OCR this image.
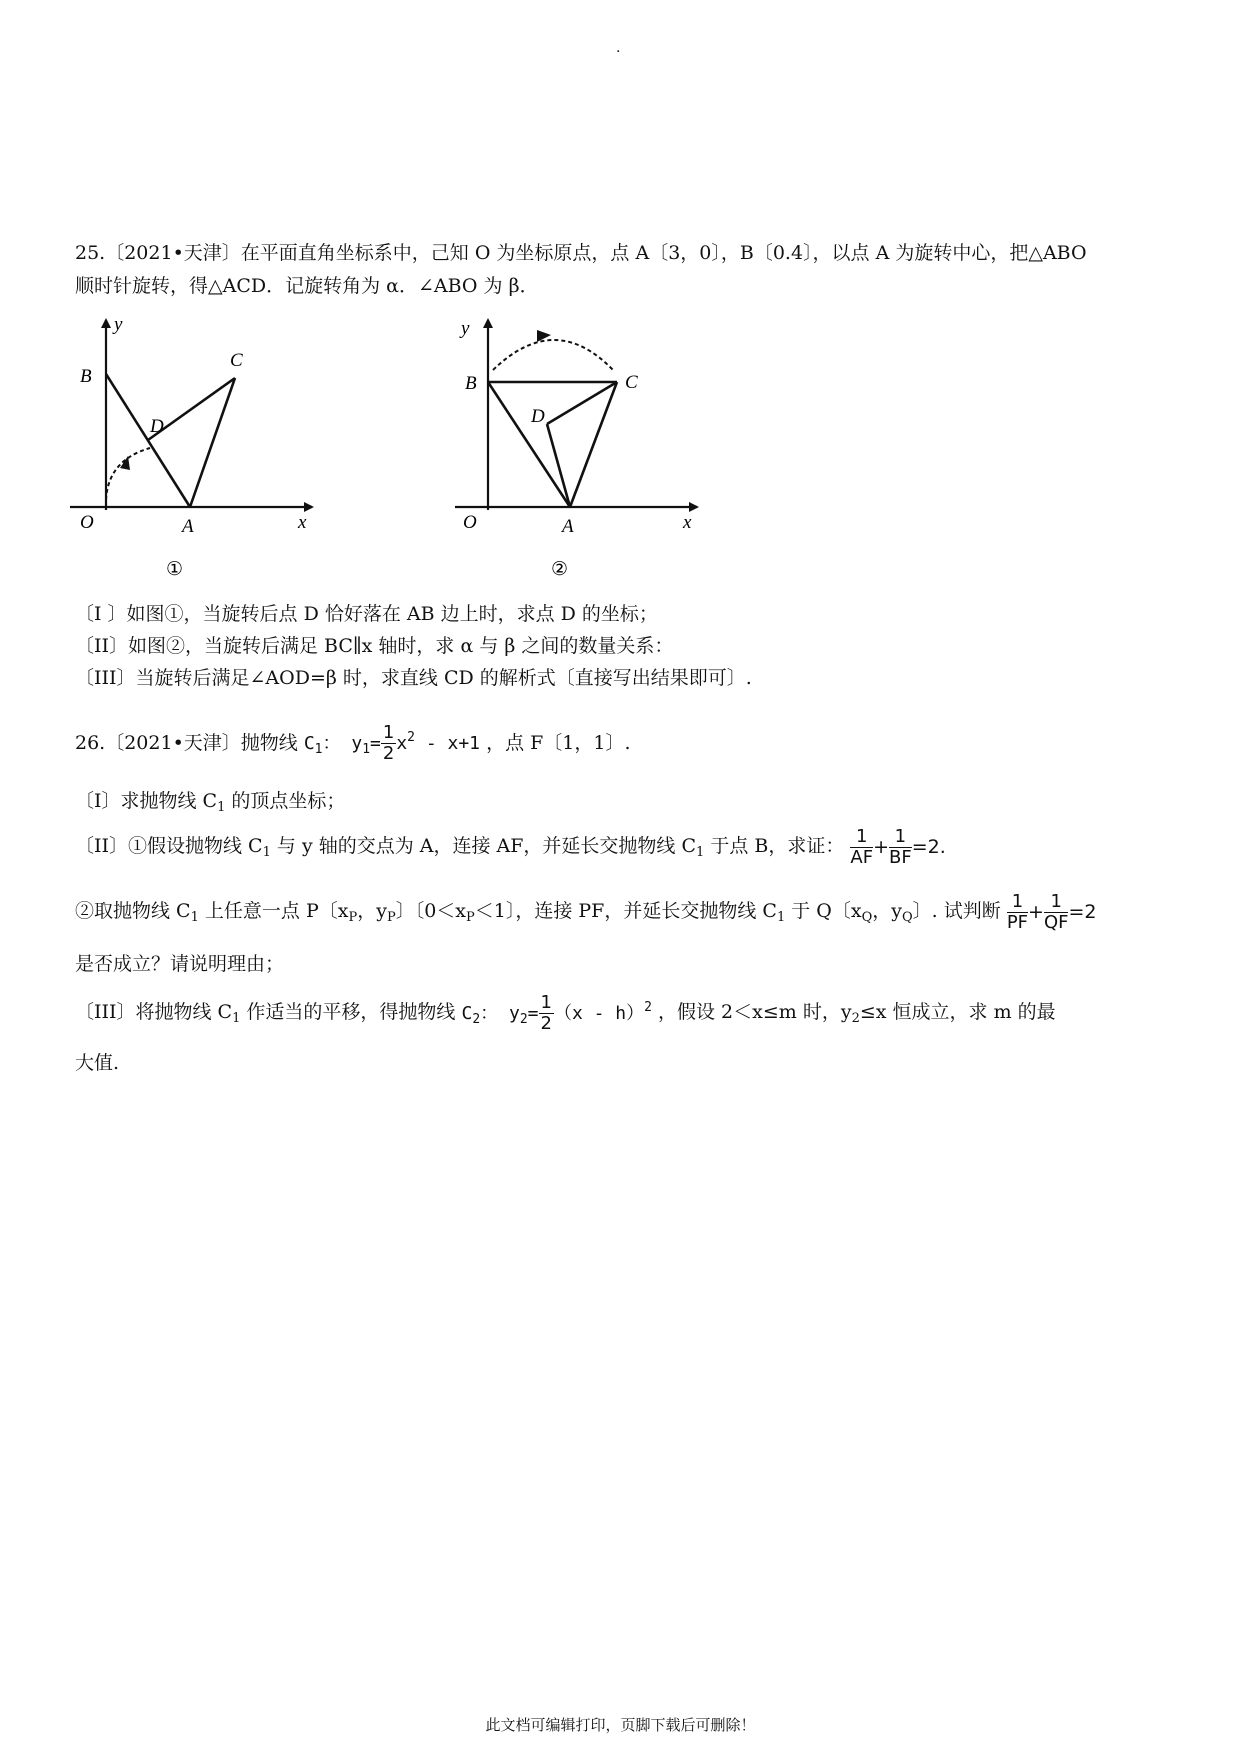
.
25.〔2021•天津〕在平面直角坐标系中，己知 O 为坐标原点，点 A〔3，0〕，B〔0.4〕，以点 A 为旋转中心，把△ABO
顺时针旋转，得△ACD．记旋转角为 α．∠ABO 为 β．
y
x
O	A
B
C
D
①
y
x
O	A
B	C
D
②
〔I 〕如图①，当旋转后点 D 恰好落在 AB 边上时，求点 D 的坐标；
〔II〕如图②，当旋转后满足 BC∥x 轴时，求 α 与 β 之间的数量关系：
〔III〕当旋转后满足∠AOD=β 时，求直线 CD 的解析式〔直接写出结果即可〕.
26.〔2021•天津〕抛物线 $C_1$： $y_1= \frac{1}{2} x^2 - x+1$ ，点 F〔1，1〕.
〔I〕求抛物线 $C_1$ 的顶点坐标；
〔II〕①假设抛物线 $C_1$ 与 y 轴的交点为 A，连接 AF，并延长交抛物线 $C_1$ 于点 B，求证： $\frac{1}{AF} + \frac{1}{BF} =2$.
②取抛物线 $C_1$ 上任意一点 P〔$x_P$，$y_P$〕〔$0<x_P<1$〕，连接 PF，并延长交抛物线 $C_1$ 于 Q〔$x_Q$，$y_Q$〕. 试判断 $\frac{1}{PF} + \frac{1}{QF} =2$
是否成立？请说明理由；
〔III〕将抛物线 $C_1$ 作适当的平移，得抛物线 $C_2$： $y_2= \frac{1}{2} (x - h)^2$ ，假设 2＜x≤m 时，$y_2\le x$ 恒成立，求 m 的最
大值.
此文档可编辑打印，页脚下载后可删除！
